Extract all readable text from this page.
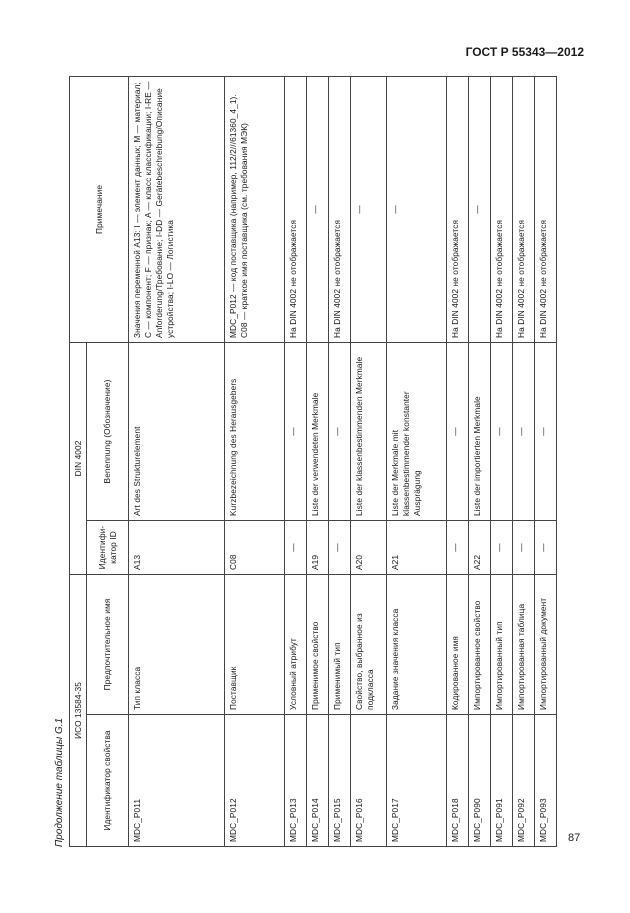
ГОСТ Р 55343—2012
Продолжение таблицы G.1
ИСО 13584-35		DIN 4002		Примечание
Идентификатор свойства	Предпочтительное имя	Идентифи-катор ID	Benennung (Обозначение)	
MDC_P011	Тип класса	A13	Art des Strukturelement	Значения переменной A13: I — элемент данных; M — материал; C — компонент; F — признак; A — класс классификации; I-RE — Anforderung/Требование; I-DD — Gerätebeschreibung/Описание устройства; I-LO — Логистика
MDC_P012	Поставщик	C08	Kurzbezeichnung des Herausgebers	MDC_P012 — код поставщика (например, 112/2///61360_4_1). C08 — краткое имя поставщика (см. требования МЭК)
MDC_P013	Условный атрибут	—	—	На DIN 4002 не отображается
MDC_P014	Применимое свойство	A19	Liste der verwendeten Merkmale	—
MDC_P015	Применимый тип	—	—	На DIN 4002 не отображается
MDC_P016	Свойство, выбранное из подкласса	A20	Liste der klassenbestimmenden Merkmale	—
MDC_P017	Задание значения класса	A21	Liste der Merkmale mit klassenbestimmender konstanter Ausprägung	—
MDC_P018	Кодированное имя	—	—	На DIN 4002 не отображается
MDC_P090	Импортированное свойство	A22	Liste der importierten Merkmale	—
MDC_P091	Импортированный тип	—	—	На DIN 4002 не отображается
MDC_P092	Импортированная таблица	—	—	На DIN 4002 не отображается
MDC_P093	Импортированный документ	—	—	На DIN 4002 не отображается
87
